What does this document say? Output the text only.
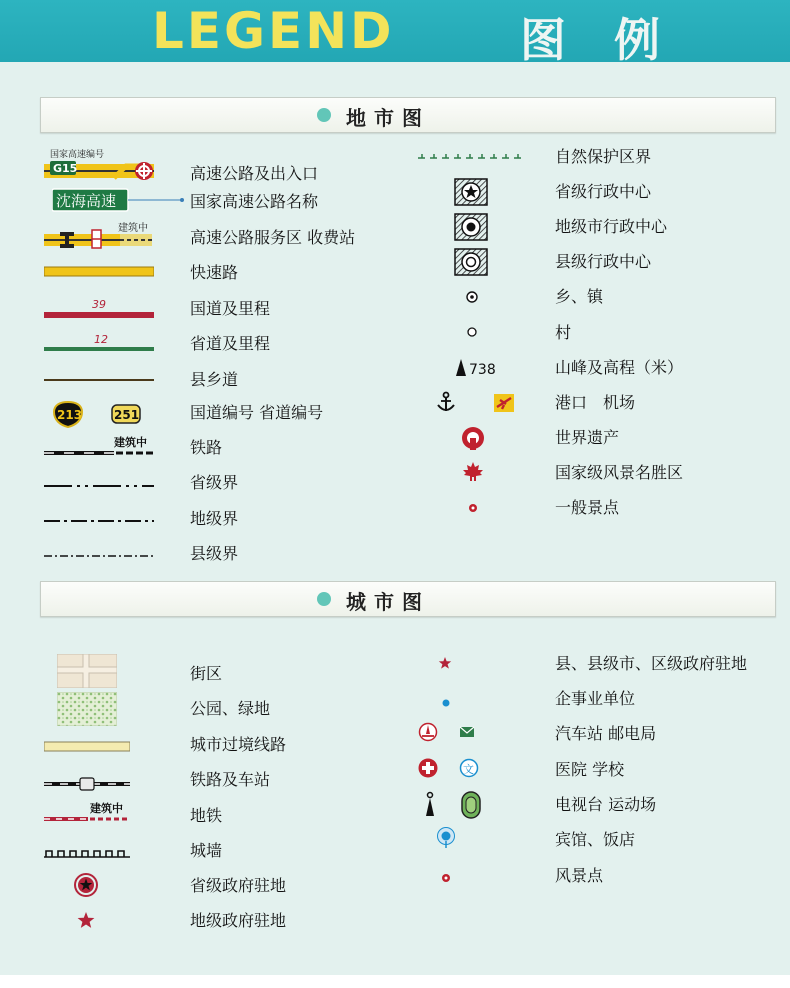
LEGEND	图 例
地市图
国家高速编号
G15
沈海高速
建筑中
39
12
213	251
建筑中
738
高速公路及出入口
国家高速公路名称
高速公路服务区 收费站
快速路
国道及里程
省道及里程
县乡道
国道编号 省道编号
铁路
省级界
地级界
县级界
自然保护区界
省级行政中心
地级市行政中心
县级行政中心
乡、镇
村
山峰及高程（米）
港口　机场
世界遗产
国家级风景名胜区
一般景点
城市图
建筑中
文
街区
公园、绿地
城市过境线路
铁路及车站
地铁
城墙
省级政府驻地
地级政府驻地
县、县级市、区级政府驻地
企事业单位
汽车站 邮电局
医院 学校
电视台 运动场
宾馆、饭店
风景点
